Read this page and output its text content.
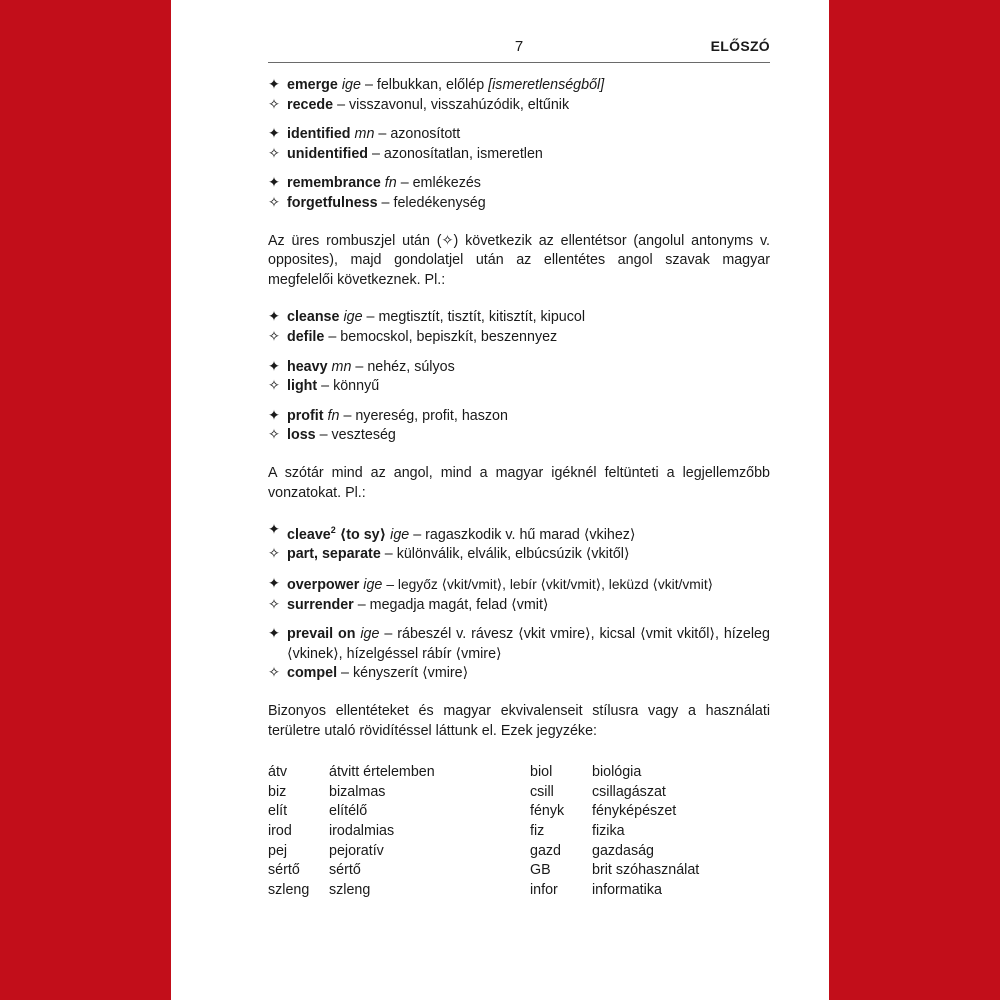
7	ELŐSZÓ
✦ emerge ige – felbukkan, előlép [ismeretlenségből]
✧ recede – visszavonul, visszahúzódik, eltűnik
✦ identified mn – azonosított
✧ unidentified – azonosítatlan, ismeretlen
✦ remembrance fn – emlékezés
✧ forgetfulness – feledékenység
Az üres rombuszjel után (✧) következik az ellentétsor (angolul antonyms v. opposites), majd gondolatjel után az ellentétes angol szavak magyar megfelelői következnek. Pl.:
✦ cleanse ige – megtisztít, tisztít, kitisztít, kipucol
✧ defile – bemocskol, bepiszkít, beszennyez
✦ heavy mn – nehéz, súlyos
✧ light – könnyű
✦ profit fn – nyereség, profit, haszon
✧ loss – veszteség
A szótár mind az angol, mind a magyar igéknél feltünteti a legjellemzőbb vonzatokat. Pl.:
✦ cleave$^2$ ⟨to sy⟩ ige – ragaszkodik v. hű marad ⟨vkihez⟩
✧ part, separate – különválik, elválik, elbúcsúzik ⟨vkitől⟩
✦ overpower ige – legyőz ⟨vkit/vmit⟩, lebír ⟨vkit/vmit⟩, leküzd ⟨vkit/vmit⟩
✧ surrender – megadja magát, felad ⟨vmit⟩
✦ prevail on ige – rábeszél v. rávesz ⟨vkit vmire⟩, kicsal ⟨vmit vkitől⟩, hízeleg ⟨vkinek⟩, hízelgéssel rábír ⟨vmire⟩
✧ compel – kényszerít ⟨vmire⟩
Bizonyos ellentéteket és magyar ekvivalenseit stílusra vagy a használati területre utaló rövidítéssel láttunk el. Ezek jegyzéke:
átv	átvitt értelemben	biol	biológia
biz	bizalmas	csill	csillagászat
elít	elítélő	fényk fényképészet
irod	irodalmias	fiz	fizika
pej	pejoratív	gazd gazdaság
sértő sértő	GB	brit szóhasználat
szleng szleng	infor informatika
